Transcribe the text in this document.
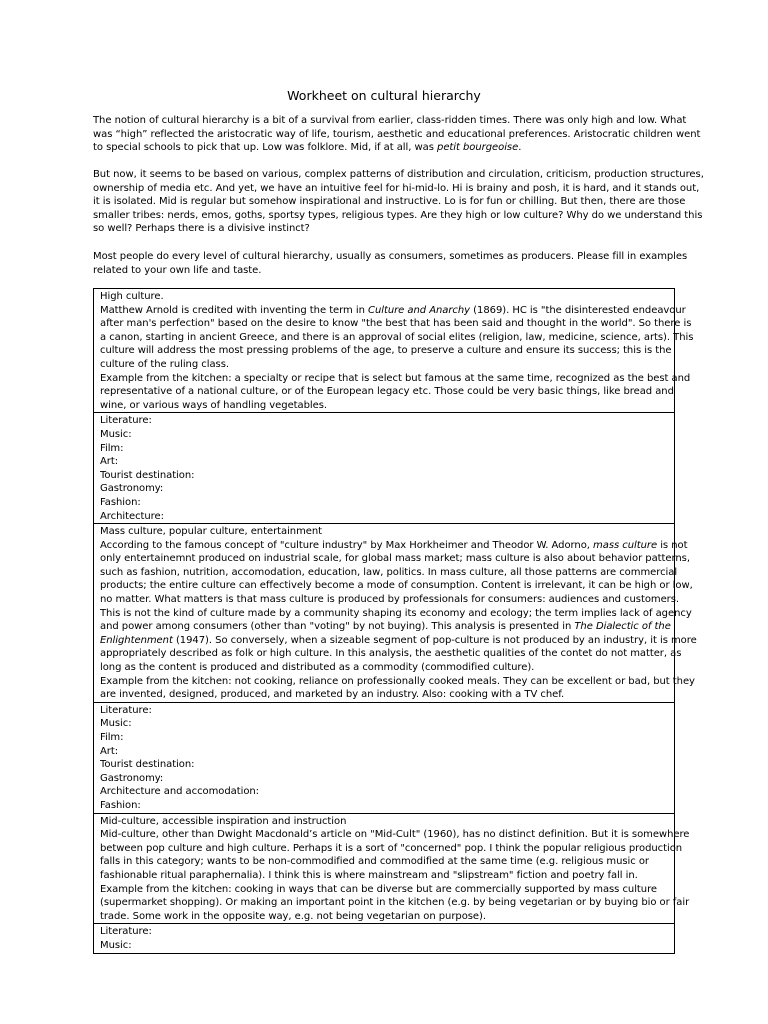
Workheet on cultural hierarchy
The notion of cultural hierarchy is a bit of a survival from earlier, class-ridden times. There was only high and low. What
was “high” reflected the aristocratic way of life, tourism, aesthetic and educational preferences. Aristocratic children went
to special schools to pick that up. Low was folklore. Mid, if at all, was petit bourgeoise.
But now, it seems to be based on various, complex patterns of distribution and circulation, criticism, production structures,
ownership of media etc. And yet, we have an intuitive feel for hi-mid-lo. Hi is brainy and posh, it is hard, and it stands out,
it is isolated. Mid is regular but somehow inspirational and instructive. Lo is for fun or chilling. But then, there are those
smaller tribes: nerds, emos, goths, sportsy types, religious types. Are they high or low culture? Why do we understand this
so well? Perhaps there is a divisive instinct?
Most people do every level of cultural hierarchy, usually as consumers, sometimes as producers. Please fill in examples
related to your own life and taste.
High culture.
Matthew Arnold is credited with inventing the term in Culture and Anarchy (1869). HC is "the disinterested endeavour
after man's perfection" based on the desire to know "the best that has been said and thought in the world". So there is
a canon, starting in ancient Greece, and there is an approval of social elites (religion, law, medicine, science, arts). This
culture will address the most pressing problems of the age, to preserve a culture and ensure its success; this is the
culture of the ruling class.
Example from the kitchen: a specialty or recipe that is select but famous at the same time, recognized as the best and
representative of a national culture, or of the European legacy etc. Those could be very basic things, like bread and
wine, or various ways of handling vegetables.

Literature:
Music:
Film:
Art:
Tourist destination:
Gastronomy:
Fashion:
Architecture:

Mass culture, popular culture, entertainment
According to the famous concept of "culture industry" by Max Horkheimer and Theodor W. Adorno, mass culture is not
only entertainemnt produced on industrial scale, for global mass market; mass culture is also about behavior patterns,
such as fashion, nutrition, accomodation, education, law, politics. In mass culture, all those patterns are commercial
products; the entire culture can effectively become a mode of consumption. Content is irrelevant, it can be high or low,
no matter. What matters is that mass culture is produced by professionals for consumers: audiences and customers.
This is not the kind of culture made by a community shaping its economy and ecology; the term implies lack of agency
and power among consumers (other than "voting" by not buying). This analysis is presented in The Dialectic of the
Enlightenment (1947). So conversely, when a sizeable segment of pop-culture is not produced by an industry, it is more
appropriately described as folk or high culture. In this analysis, the aesthetic qualities of the contet do not matter, as
long as the content is produced and distributed as a commodity (commodified culture).
Example from the kitchen: not cooking, reliance on professionally cooked meals. They can be excellent or bad, but they
are invented, designed, produced, and marketed by an industry. Also: cooking with a TV chef.

Literature:
Music:
Film:
Art:
Tourist destination:
Gastronomy:
Architecture and accomodation:
Fashion:

Mid-culture, accessible inspiration and instruction
Mid-culture, other than Dwight Macdonald’s article on "Mid-Cult" (1960), has no distinct definition. But it is somewhere
between pop culture and high culture. Perhaps it is a sort of "concerned" pop. I think the popular religious production
falls in this category; wants to be non-commodified and commodified at the same time (e.g. religious music or
fashionable ritual paraphernalia). I think this is where mainstream and "slipstream" fiction and poetry fall in.
Example from the kitchen: cooking in ways that can be diverse but are commercially supported by mass culture
(supermarket shopping). Or making an important point in the kitchen (e.g. by being vegetarian or by buying bio or fair
trade. Some work in the opposite way, e.g. not being vegetarian on purpose).

Literature:
Music:
